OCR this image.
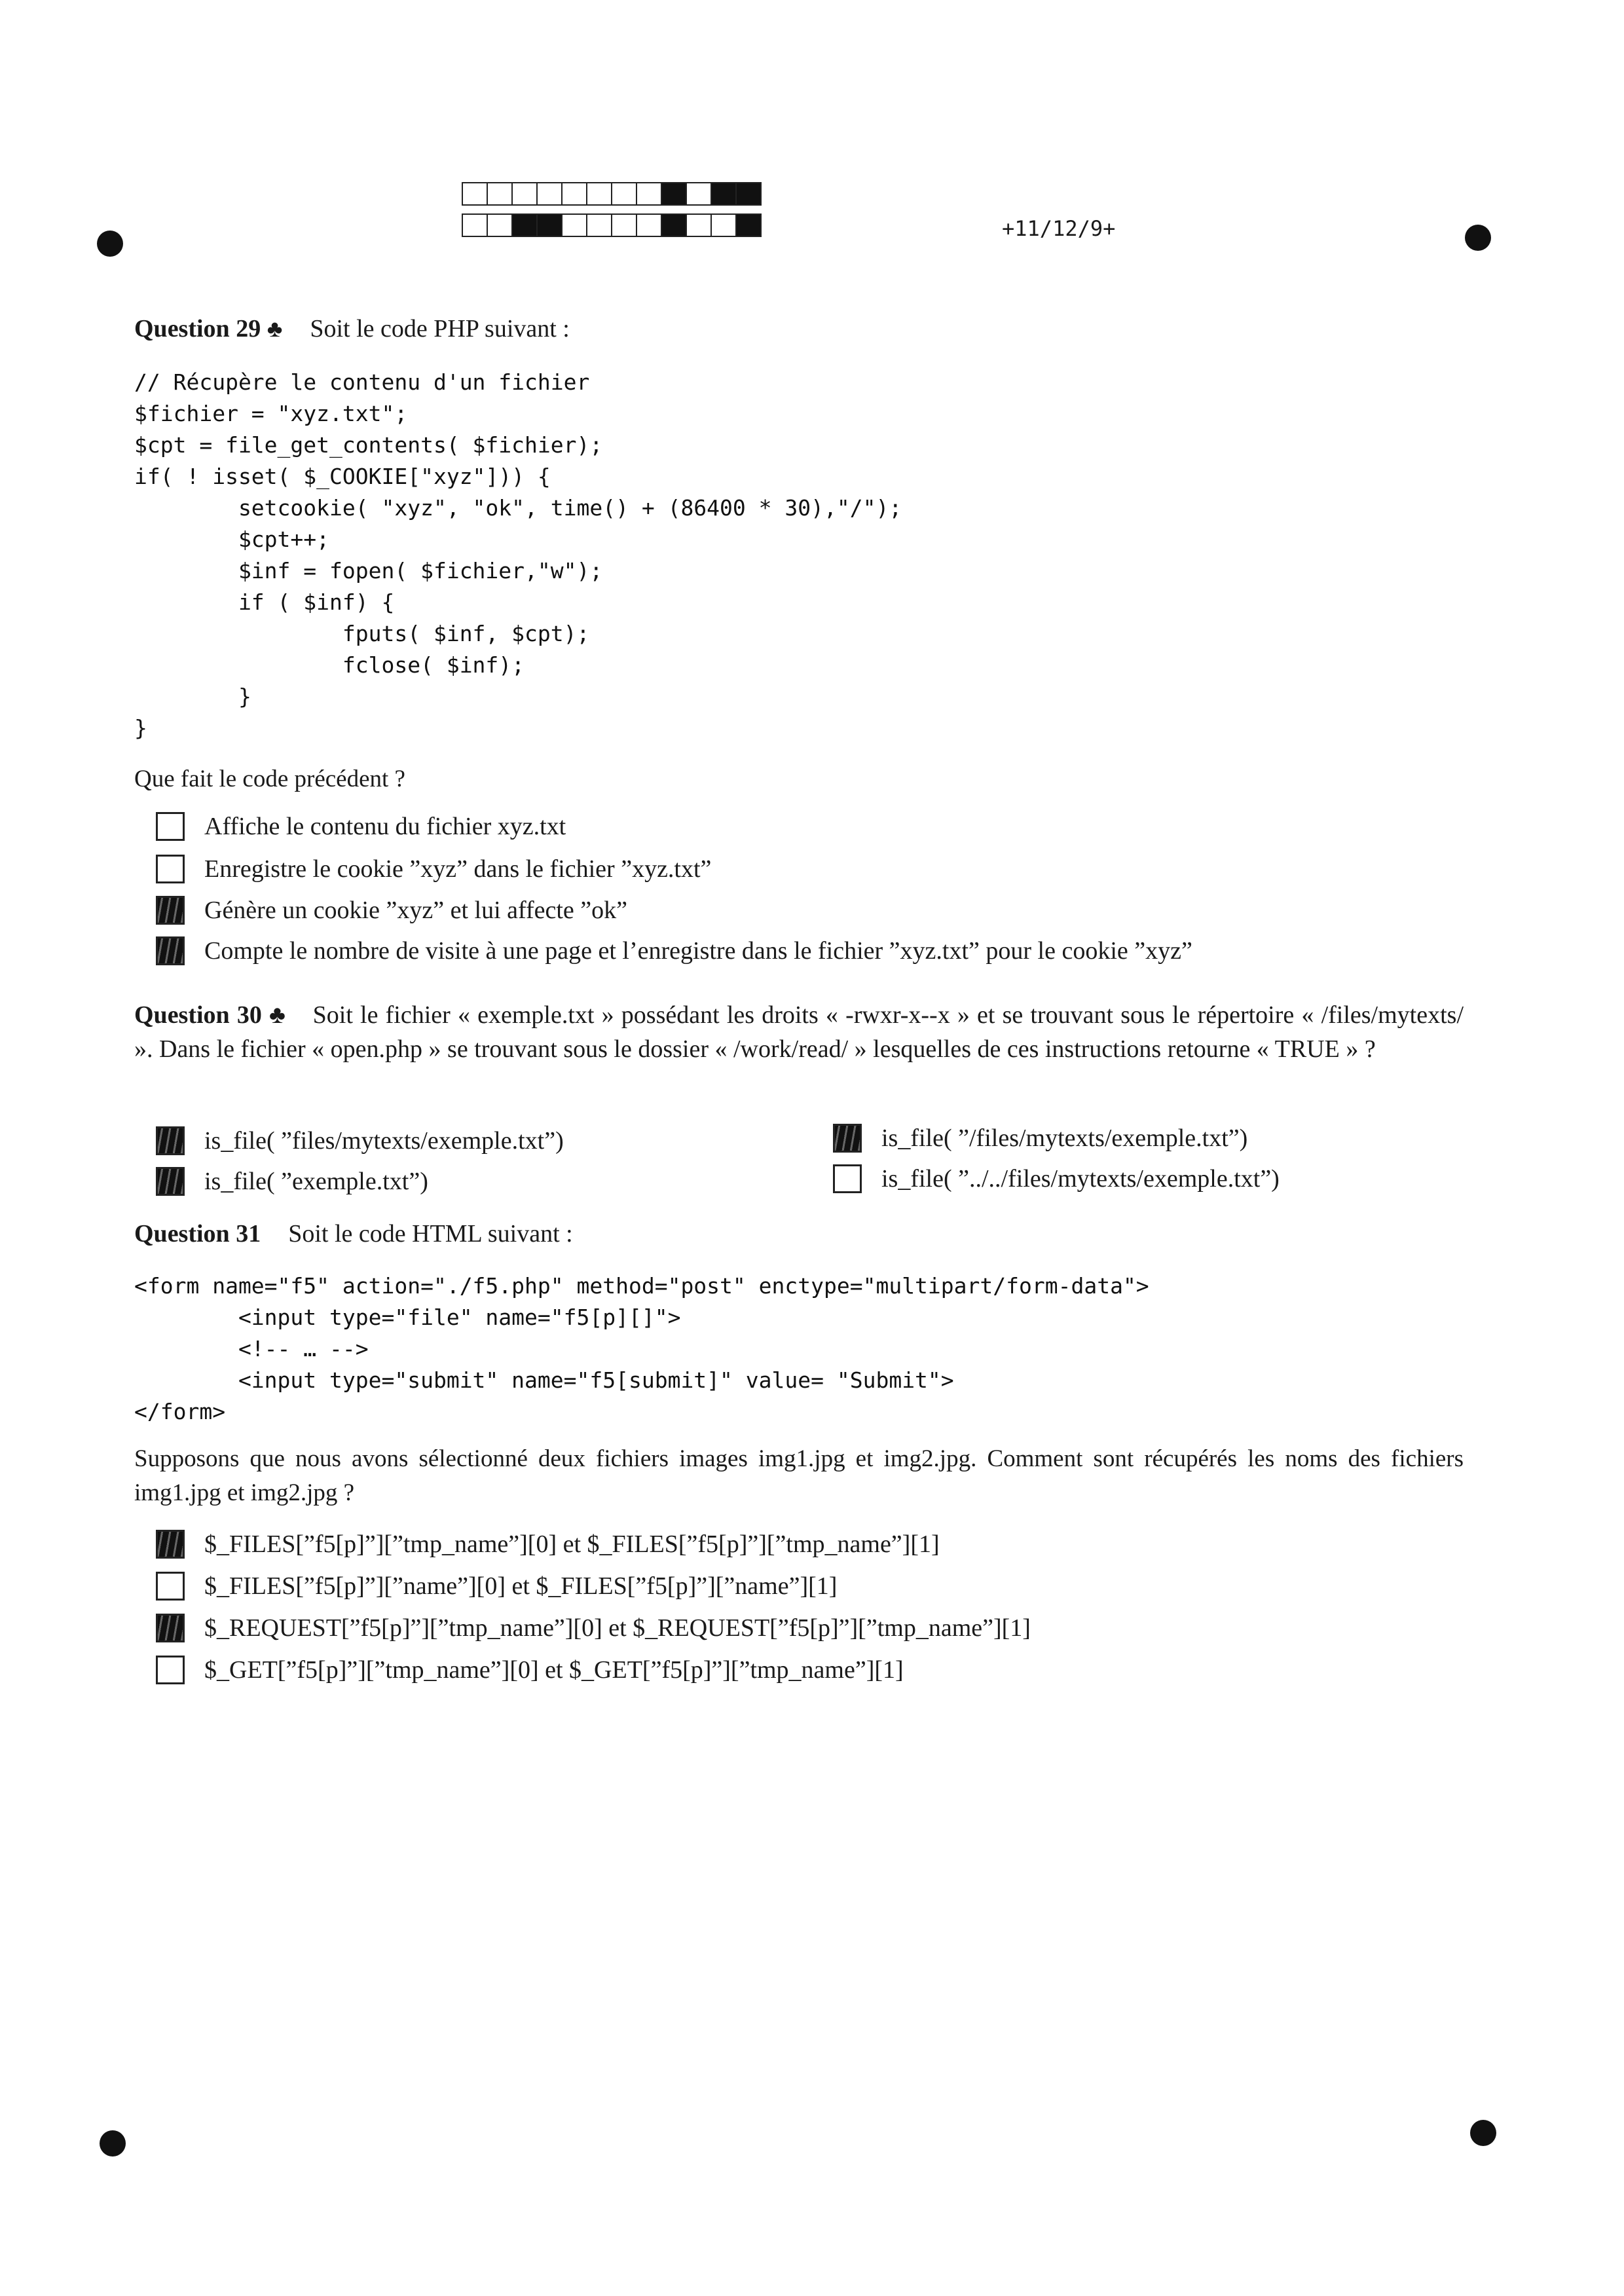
+11/12/9+
Question 29 ♣ Soit le code PHP suivant :
// Récupère le contenu d'un fichier
$fichier = "xyz.txt";
$cpt = file_get_contents( $fichier);
if( ! isset( $_COOKIE["xyz"])) {
setcookie( "xyz", "ok", time() + (86400 * 30),"/");
$cpt++;
$inf = fopen( $fichier,"w");
if ( $inf) {
fputs( $inf, $cpt);
fclose( $inf);
}
}
Que fait le code précédent ?
Affiche le contenu du fichier xyz.txt
Enregistre le cookie ”xyz” dans le fichier ”xyz.txt”
Génère un cookie ”xyz” et lui affecte ”ok”
Compte le nombre de visite à une page et l’enregistre dans le fichier ”xyz.txt” pour le cookie ”xyz”
Question 30 ♣ Soit le fichier « exemple.txt » possédant les droits « -rwxr-x--x » et se trouvant sous le répertoire « /files/mytexts/ ». Dans le fichier « open.php » se trouvant sous le dossier « /work/read/ » lesquelles de ces instructions retourne « TRUE » ?
is_file( ”files/mytexts/exemple.txt”)	is_file( ”/files/mytexts/exemple.txt”)
is_file( ”exemple.txt”)	is_file( ”../../files/mytexts/exemple.txt”)
Question 31 Soit le code HTML suivant :
<form name="f5" action="./f5.php" method="post" enctype="multipart/form-data">
<input type="file" name="f5[p][]">
<!-- … -->
<input type="submit" name="f5[submit]" value= "Submit">
</form>
Supposons que nous avons sélectionné deux fichiers images img1.jpg et img2.jpg. Comment sont récupérés les noms des fichiers img1.jpg et img2.jpg ?
$_FILES[”f5[p]”][”tmp_name”][0] et $_FILES[”f5[p]”][”tmp_name”][1]
$_FILES[”f5[p]”][”name”][0] et $_FILES[”f5[p]”][”name”][1]
$_REQUEST[”f5[p]”][”tmp_name”][0] et $_REQUEST[”f5[p]”][”tmp_name”][1]
$_GET[”f5[p]”][”tmp_name”][0] et $_GET[”f5[p]”][”tmp_name”][1]
